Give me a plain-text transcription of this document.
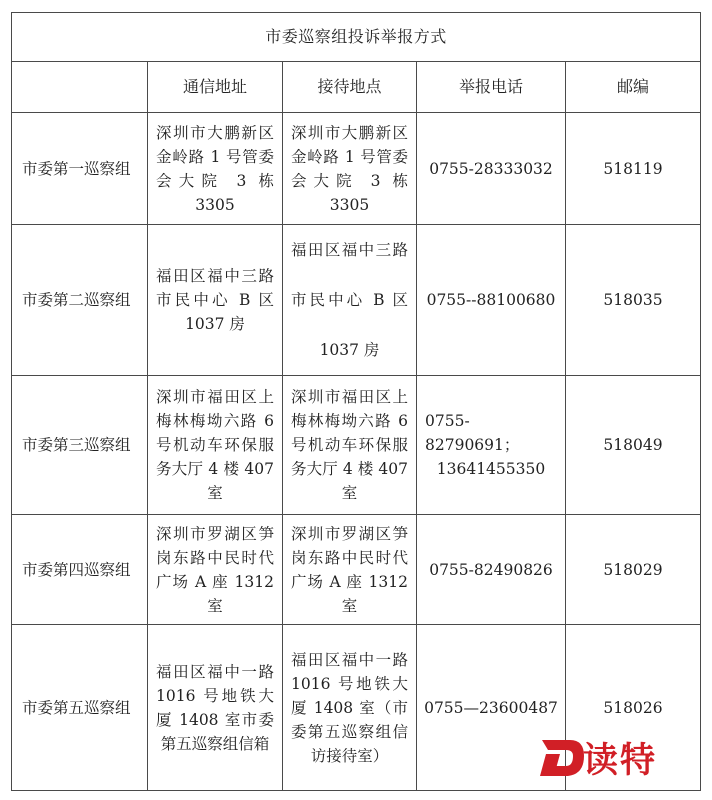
市委巡察组投诉举报方式				
	通信地址	接待地点	举报电话	邮编
市委第一巡察组	深圳市大鹏新区金岭路 1 号管委会大院 3 栋 3305	深圳市大鹏新区金岭路 1 号管委会大院 3 栋 3305	0755-28333032	518119
市委第二巡察组	福田区福中三路市民中心 B 区 1037 房	福田区福中三路市民中心 B 区 1037 房	0755--88100680	518035
市委第三巡察组	深圳市福田区上梅林梅坳六路 6 号机动车环保服务大厅 4 楼 407 室	深圳市福田区上梅林梅坳六路 6 号机动车环保服务大厅 4 楼 407 室	0755-82790691；13641455350	518049
市委第四巡察组	深圳市罗湖区笋岗东路中民时代广场 A 座 1312 室	深圳市罗湖区笋岗东路中民时代广场 A 座 1312 室	0755-82490826	518029
市委第五巡察组	福田区福中一路 1016 号地铁大厦 1408 室市委第五巡察组信箱	福田区福中一路 1016 号地铁大厦 1408 室（市委第五巡察组信访接待室）	0755—23600487	518026
读特
